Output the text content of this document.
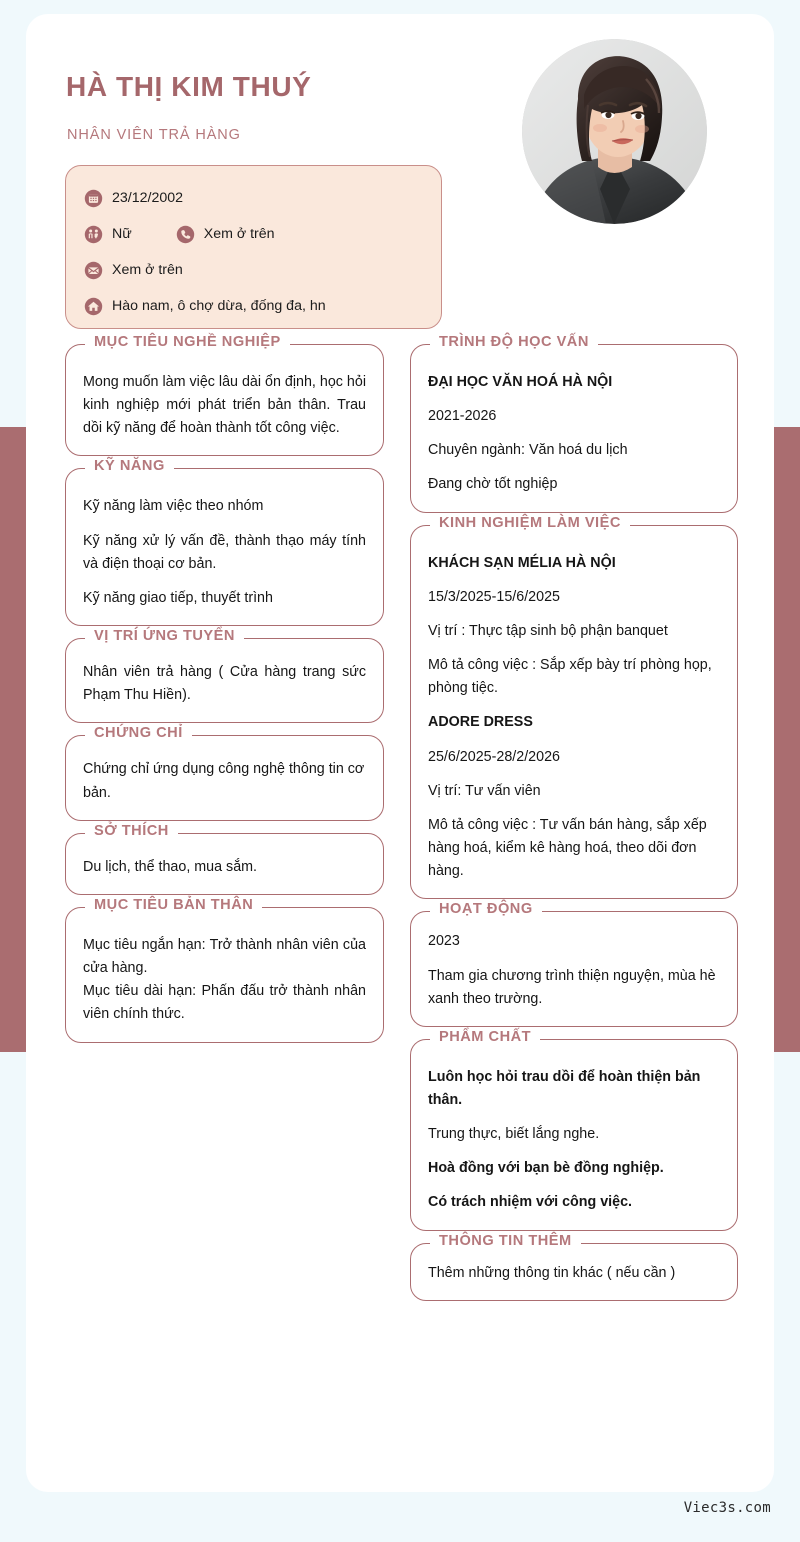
HÀ THỊ KIM THUÝ
NHÂN VIÊN TRẢ HÀNG
23/12/2002
Nữ	Xem ở trên
Xem ở trên
Hào nam, ô chợ dừa, đống đa, hn
MỤC TIÊU NGHỀ NGHIỆP

Mong muốn làm việc lâu dài ổn định, học hỏi kinh nghiệp mới phát triển bản thân. Trau dồi kỹ năng để hoàn thành tốt công việc.

KỸ NĂNG

Kỹ năng làm việc theo nhóm

Kỹ năng xử lý vấn đề, thành thạo máy tính và điện thoại cơ bản.

Kỹ năng giao tiếp, thuyết trình

VỊ TRÍ ỨNG TUYỂN

Nhân viên trả hàng ( Cửa hàng trang sức Phạm Thu Hiền).

CHỨNG CHỈ

Chứng chỉ ứng dụng công nghệ thông tin cơ bản.

SỞ THÍCH

Du lịch, thể thao, mua sắm.

MỤC TIÊU BẢN THÂN

Mục tiêu ngắn hạn: Trở thành nhân viên của cửa hàng.

Mục tiêu dài hạn: Phấn đấu trở thành nhân viên chính thức.

TRÌNH ĐỘ HỌC VẤN

ĐẠI HỌC VĂN HOÁ HÀ NỘI

2021-2026

Chuyên ngành: Văn hoá du lịch

Đang chờ tốt nghiệp

KINH NGHIỆM LÀM VIỆC

KHÁCH SẠN MÉLIA HÀ NỘI

15/3/2025-15/6/2025

Vị trí : Thực tập sinh bộ phận banquet

Mô tả công việc : Sắp xếp bày trí phòng họp, phòng tiệc.

ADORE DRESS

25/6/2025-28/2/2026

Vị trí: Tư vấn viên

Mô tả công việc : Tư vấn bán hàng, sắp xếp hàng hoá, kiểm kê hàng hoá, theo dõi đơn hàng.

HOẠT ĐỘNG

2023

Tham gia chương trình thiện nguyện, mùa hè xanh theo trường.

PHẨM CHẤT

Luôn học hỏi trau dồi để hoàn thiện bản thân.

Trung thực, biết lắng nghe.

Hoà đồng với bạn bè đồng nghiệp.

Có trách nhiệm với công việc.

THÔNG TIN THÊM

Thêm những thông tin khác ( nếu cần )

Viec3s.com
